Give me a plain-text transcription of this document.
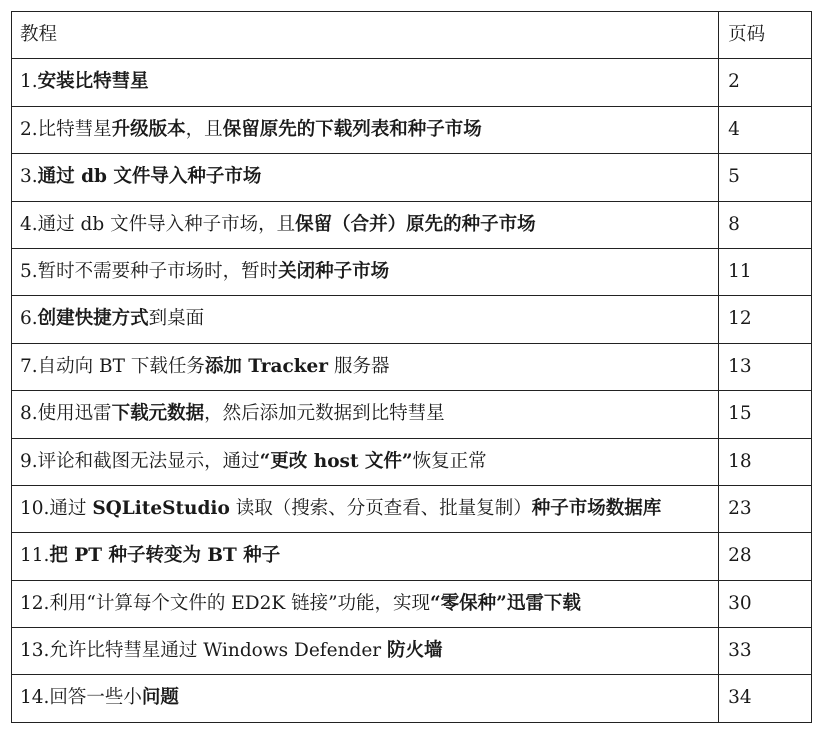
教程	页码
1.安装比特彗星	2
2.比特彗星升级版本，且保留原先的下载列表和种子市场	4
3.通过 db 文件导入种子市场	5
4.通过 db 文件导入种子市场，且保留（合并）原先的种子市场	8
5.暂时不需要种子市场时，暂时关闭种子市场	11
6.创建快捷方式到桌面	12
7.自动向 BT 下载任务添加 Tracker 服务器	13
8.使用迅雷下载元数据，然后添加元数据到比特彗星	15
9.评论和截图无法显示，通过“更改 host 文件”恢复正常	18
10.通过 SQLiteStudio 读取（搜索、分页查看、批量复制）种子市场数据库	23
11.把 PT 种子转变为 BT 种子	28
12.利用“计算每个文件的 ED2K 链接”功能，实现“零保种”迅雷下载	30
13.允许比特彗星通过 Windows Defender 防火墙	33
14.回答一些小问题	34
